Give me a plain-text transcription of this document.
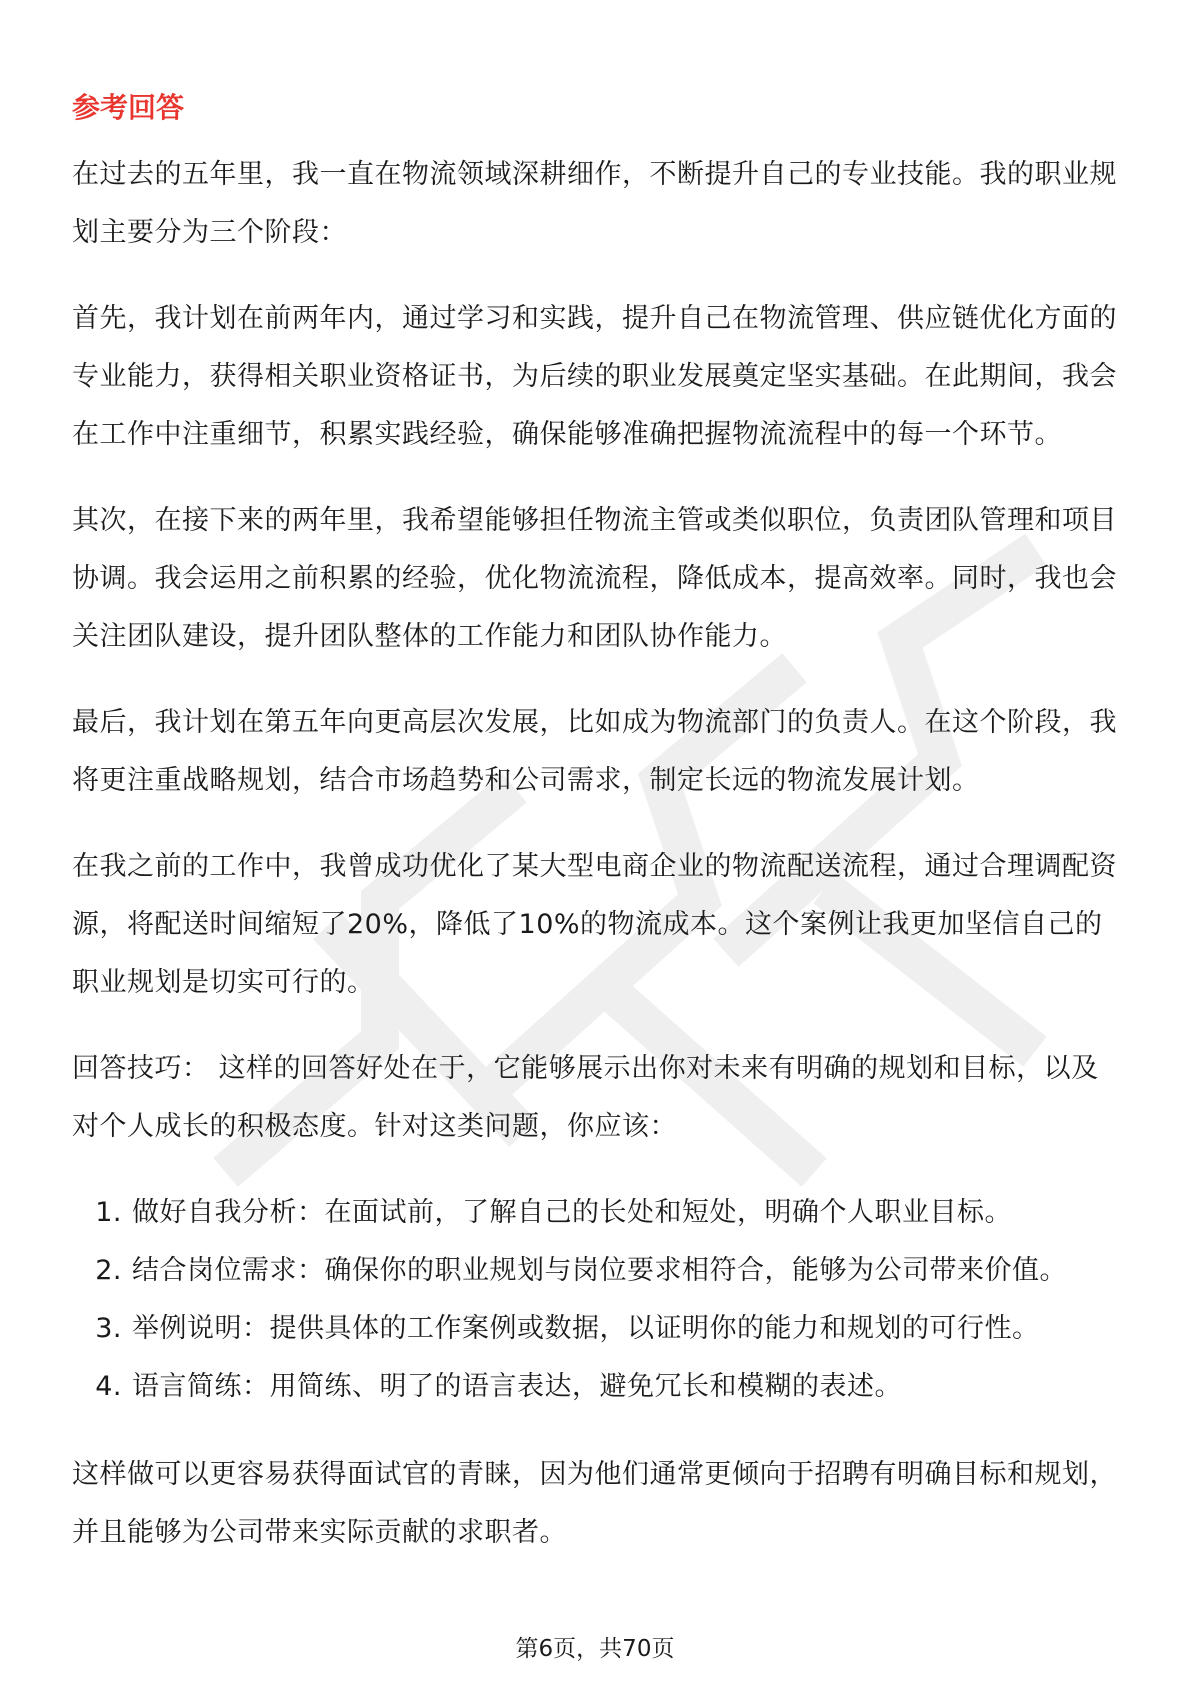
参考回答

在过去的五年里，我一直在物流领域深耕细作，不断提升自己的专业技能。我的职业规划主要分为三个阶段：

首先，我计划在前两年内，通过学习和实践，提升自己在物流管理、供应链优化方面的专业能力，获得相关职业资格证书，为后续的职业发展奠定坚实基础。在此期间，我会在工作中注重细节，积累实践经验，确保能够准确把握物流流程中的每一个环节。

其次，在接下来的两年里，我希望能够担任物流主管或类似职位，负责团队管理和项目协调。我会运用之前积累的经验，优化物流流程，降低成本，提高效率。同时，我也会关注团队建设，提升团队整体的工作能力和团队协作能力。

最后，我计划在第五年向更高层次发展，比如成为物流部门的负责人。在这个阶段，我将更注重战略规划，结合市场趋势和公司需求，制定长远的物流发展计划。

在我之前的工作中，我曾成功优化了某大型电商企业的物流配送流程，通过合理调配资源，将配送时间缩短了20%，降低了10%的物流成本。这个案例让我更加坚信自己的职业规划是切实可行的。

回答技巧： 这样的回答好处在于，它能够展示出你对未来有明确的规划和目标，以及对个人成长的积极态度。针对这类问题，你应该：

1. 做好自我分析：在面试前，了解自己的长处和短处，明确个人职业目标。
2. 结合岗位需求：确保你的职业规划与岗位要求相符合，能够为公司带来价值。
3. 举例说明：提供具体的工作案例或数据，以证明你的能力和规划的可行性。
4. 语言简练：用简练、明了的语言表达，避免冗长和模糊的表述。

这样做可以更容易获得面试官的青睐，因为他们通常更倾向于招聘有明确目标和规划，并且能够为公司带来实际贡献的求职者。

第6页，共70页
